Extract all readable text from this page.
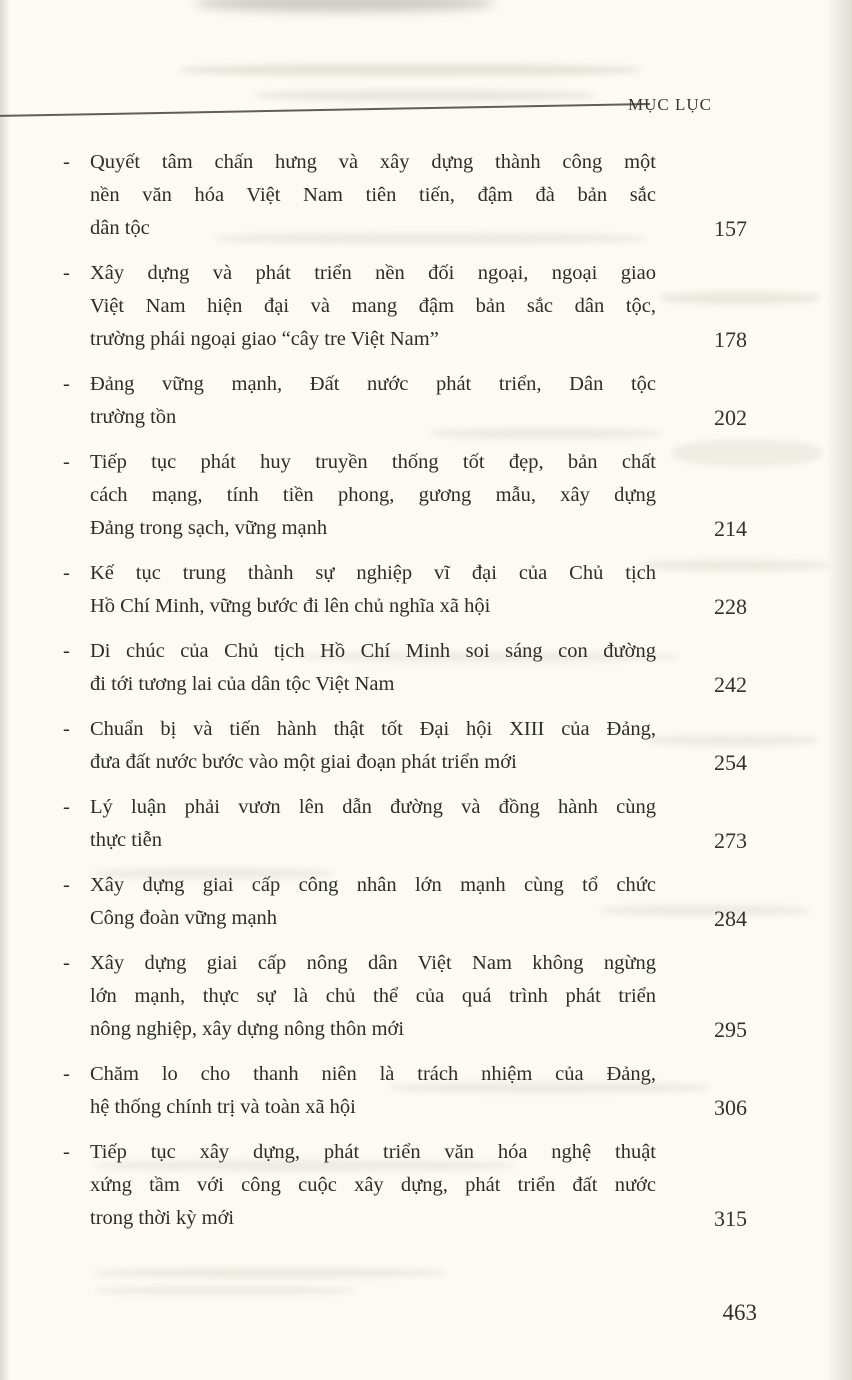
MỤC LỤC
- Quyết tâm chấn hưng và xây dựng thành công một
nền văn hóa Việt Nam tiên tiến, đậm đà bản sắc
dân tộc	157
- Xây dựng và phát triển nền đối ngoại, ngoại giao
Việt Nam hiện đại và mang đậm bản sắc dân tộc,
trường phái ngoại giao “cây tre Việt Nam”	178
- Đảng vững mạnh, Đất nước phát triển, Dân tộc
trường tồn	202
- Tiếp tục phát huy truyền thống tốt đẹp, bản chất
cách mạng, tính tiền phong, gương mẫu, xây dựng
Đảng trong sạch, vững mạnh	214
- Kế tục trung thành sự nghiệp vĩ đại của Chủ tịch
Hồ Chí Minh, vững bước đi lên chủ nghĩa xã hội	228
- Di chúc của Chủ tịch Hồ Chí Minh soi sáng con đường
đi tới tương lai của dân tộc Việt Nam	242
- Chuẩn bị và tiến hành thật tốt Đại hội XIII của Đảng,
đưa đất nước bước vào một giai đoạn phát triển mới	254
- Lý luận phải vươn lên dẫn đường và đồng hành cùng
thực tiễn	273
- Xây dựng giai cấp công nhân lớn mạnh cùng tổ chức
Công đoàn vững mạnh	284
- Xây dựng giai cấp nông dân Việt Nam không ngừng
lớn mạnh, thực sự là chủ thể của quá trình phát triển
nông nghiệp, xây dựng nông thôn mới	295
- Chăm lo cho thanh niên là trách nhiệm của Đảng,
hệ thống chính trị và toàn xã hội	306
- Tiếp tục xây dựng, phát triển văn hóa nghệ thuật
xứng tầm với công cuộc xây dựng, phát triển đất nước
trong thời kỳ mới	315
463
